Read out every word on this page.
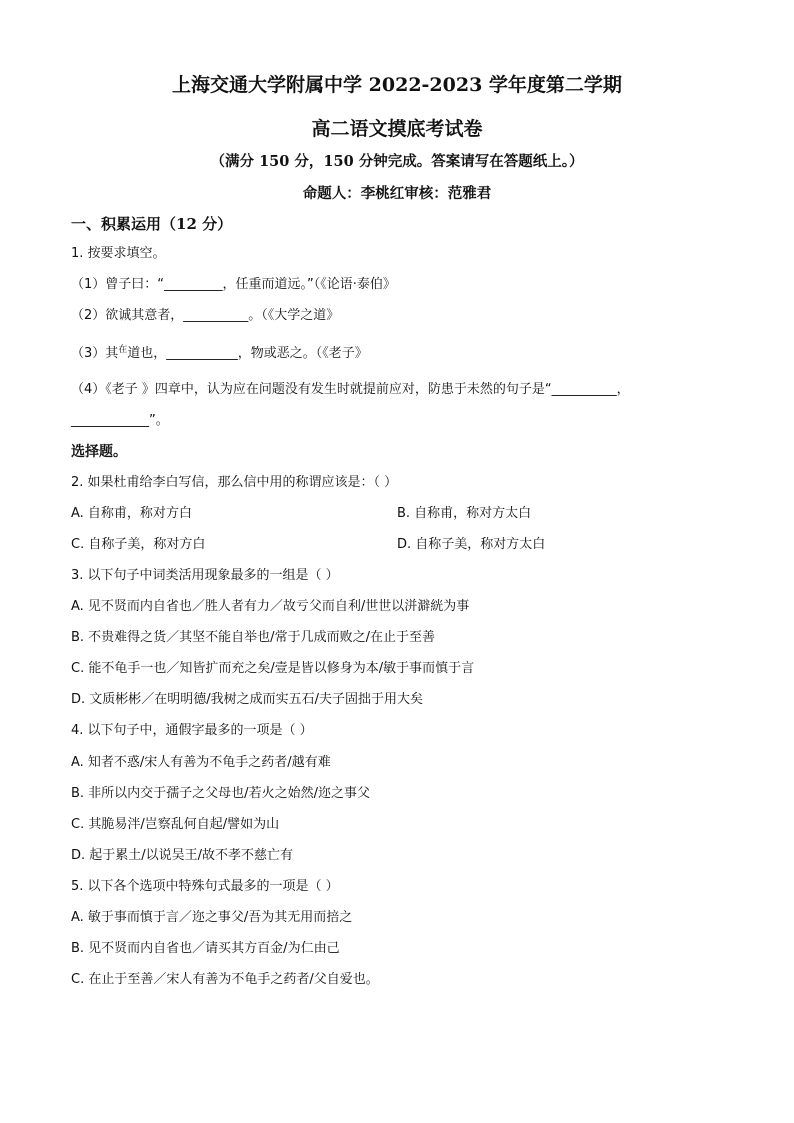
上海交通大学附属中学 2022-2023 学年度第二学期
高二语文摸底考试卷
（满分 150 分，150 分钟完成。答案请写在答题纸上。）
命题人：李桃红审核：范雅君
一、积累运用（12 分）
1. 按要求填空。
（1）曾子曰：“_________，任重而道远。”（《论语·泰伯》
（2）欲诚其意者，__________。（《大学之道》
（3）其$^在$道也，___________，物或恶之。（《老子》
（4）《老子 》四章中，认为应在问题没有发生时就提前应对，防患于未然的句子是“__________，
____________”。
选择题。
2. 如果杜甫给李白写信，那么信中用的称谓应该是：（ ）
A. 自称甫，称对方白	B. 自称甫，称对方太白
C. 自称子美，称对方白	D. 自称子美，称对方太白
3. 以下句子中词类活用现象最多的一组是（ ）
A. 见不贤而内自省也／胜人者有力／故亏父而自利/世世以洴澼絖为事
B. 不贵难得之货／其坚不能自举也/常于几成而败之/在止于至善
C. 能不龟手一也／知皆扩而充之矣/壹是皆以修身为本/敏于事而慎于言
D. 文质彬彬／在明明德/我树之成而实五石/夫子固拙于用大矣
4. 以下句子中，通假字最多的一项是（ ）
A. 知者不惑/宋人有善为不龟手之药者/越有难
B. 非所以内交于孺子之父母也/若火之始然/迩之事父
C. 其脆易泮/岂察乱何自起/譬如为山
D. 起于累土/以说吴王/故不孝不慈亡有
5. 以下各个选项中特殊句式最多的一项是（ ）
A. 敏于事而慎于言／迩之事父/吾为其无用而掊之
B. 见不贤而内自省也／请买其方百金/为仁由己
C. 在止于至善／宋人有善为不龟手之药者/父自爱也。
